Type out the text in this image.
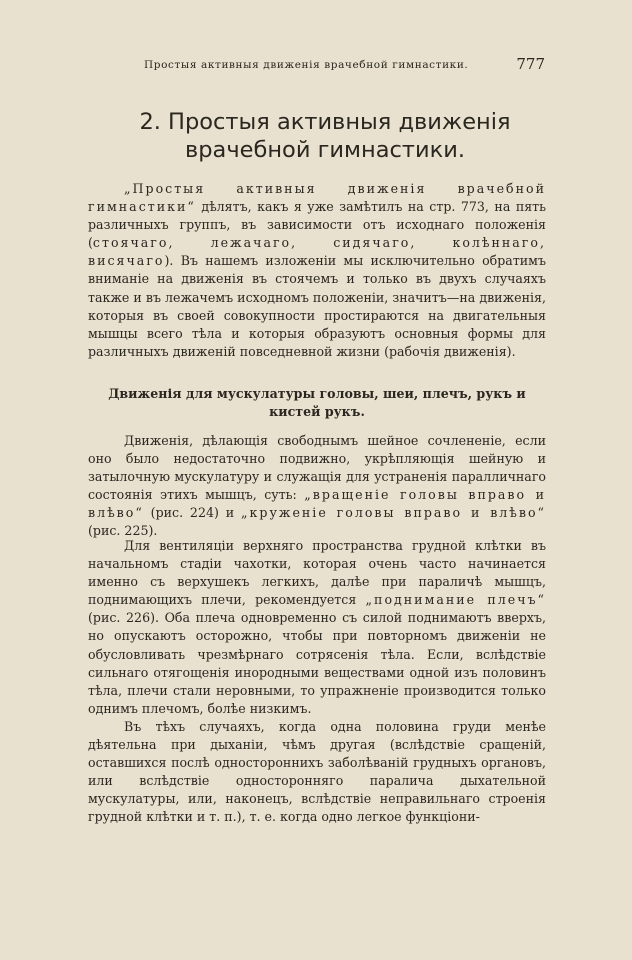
Простыя активныя движенія врачебной гимнастики.	777
2. Простыя активныя движенія врачебной гимнастики.

„Простыя активныя движенія врачебной гимнастики“ дѣлятъ, какъ я уже замѣтилъ на стр. 773, на пять различныхъ группъ, въ зависимости отъ исходнаго положенія (стоячаго, лежачаго, сидячаго, колѣннаго, висячаго). Въ нашемъ изложеніи мы исключительно обратимъ вниманіе на движенія въ стоячемъ и только въ двухъ случаяхъ также и въ лежачемъ исходномъ положеніи, значитъ—на движенія, которыя въ своей совокупности простираются на двигательныя мышцы всего тѣла и которыя образуютъ основныя формы для различныхъ движеній повседневной жизни (рабочія движенія).

Движенія для мускулатуры головы, шеи, плечъ, рукъ и кистей рукъ.

Движенія, дѣлающія свободнымъ шейное сочлененіе, если оно было недостаточно подвижно, укрѣпляющія шейную и затылочную мускулатуру и служащія для устраненія паралличнаго состоянія этихъ мышцъ, суть: „вращеніе головы вправо и влѣво“ (рис. 224) и „круженіе головы вправо и влѣво“ (рис. 225).

Для вентиляціи верхняго пространства грудной клѣтки въ начальномъ стадіи чахотки, которая очень часто начинается именно съ верхушекъ легкихъ, далѣе при параличѣ мышцъ, поднимающихъ плечи, рекомендуется „поднимание плечъ“ (рис. 226). Оба плеча одновременно съ силой поднимаютъ вверхъ, но опускаютъ осторожно, чтобы при повторномъ движеніи не обусловливать чрезмѣрнаго сотрясенія тѣла. Если, вслѣдствіе сильнаго отягощенія инородными веществами одной изъ половинъ тѣла, плечи стали неровными, то упражненіе производится только однимъ плечомъ, болѣе низкимъ.

Въ тѣхъ случаяхъ, когда одна половина груди менѣе дѣятельна при дыханіи, чѣмъ другая (вслѣдствіе сращеній, оставшихся послѣ одностороннихъ заболѣваній грудныхъ органовъ, или вслѣдствіе односторонняго паралича дыхательной мускулатуры, или, наконецъ, вслѣдствіе неправильнаго строенія грудной клѣтки и т. п.), т. е. когда одно легкое функціони-
